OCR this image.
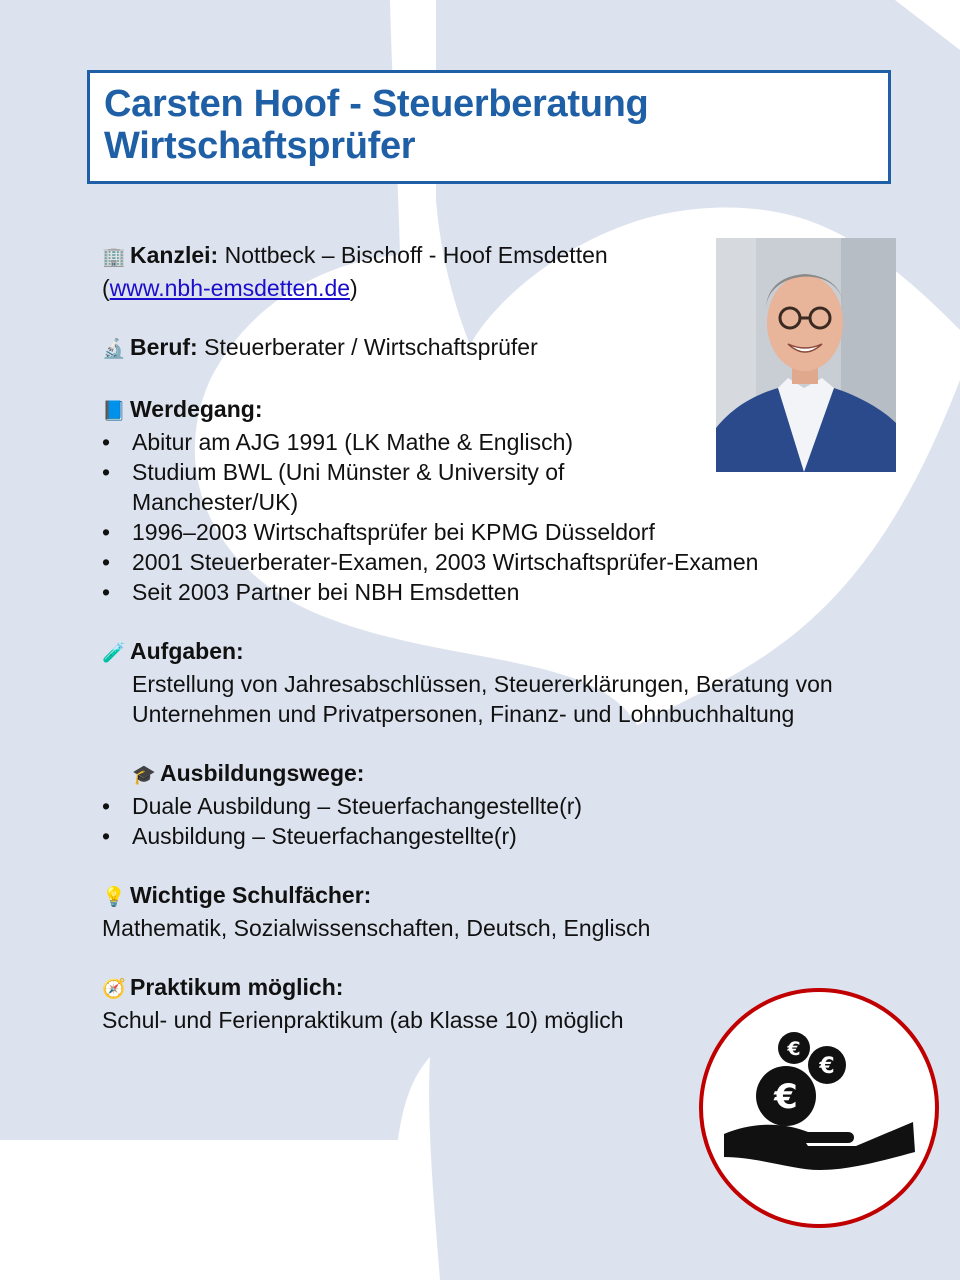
Carsten Hoof - Steuerberatung
Wirtschaftsprüfer
🏢 Kanzlei: Nottbeck – Bischoff - Hoof Emsdetten
(www.nbh-emsdetten.de)
🔬 Beruf: Steuerberater / Wirtschaftsprüfer
📘 Werdegang:
• Abitur am AJG 1991 (LK Mathe & Englisch)
• Studium BWL (Uni Münster & University of
Manchester/UK)
• 1996–2003 Wirtschaftsprüfer bei KPMG Düsseldorf
• 2001 Steuerberater-Examen, 2003 Wirtschaftsprüfer-Examen
• Seit 2003 Partner bei NBH Emsdetten
🧪 Aufgaben:
Erstellung von Jahresabschlüssen, Steuererklärungen, Beratung von
Unternehmen und Privatpersonen, Finanz- und Lohnbuchhaltung
🎓 Ausbildungswege:
• Duale Ausbildung – Steuerfachangestellte(r)
• Ausbildung – Steuerfachangestellte(r)
💡 Wichtige Schulfächer:
Mathematik, Sozialwissenschaften, Deutsch, Englisch
🧭 Praktikum möglich:
Schul- und Ferienpraktikum (ab Klasse 10) möglich
€
€
€
